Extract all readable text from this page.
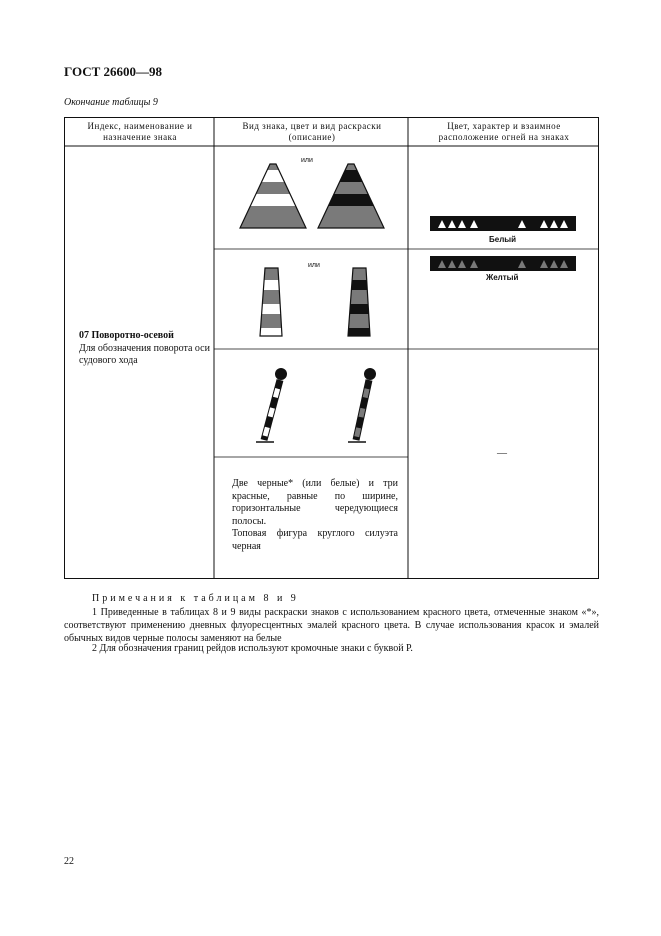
ГОСТ 26600—98
Окончание таблицы 9
Индекс, наименование и
назначение знака
Вид знака, цвет и вид раскраски
(описание)
Цвет, характер и взаимное
расположение огней на знаках
07 Поворотно-осевой
Для обозначения поворота оси судового хода
или
или
Две черные* (или белые) и три красные, равные по ширине, горизонтальные чередующиеся полосы.
Топовая фигура круглого силуэта черная
Белый
Желтый
—
Примечания к таблицам 8 и 9
1 Приведенные в таблицах 8 и 9 виды раскраски знаков с использованием красного цвета, отмеченные знаком «*», соответствуют применению дневных флуоресцентных эмалей красного цвета. В случае использования красок и эмалей обычных видов черные полосы заменяют на белые
2 Для обозначения границ рейдов используют кромочные знаки с буквой Р.
22
